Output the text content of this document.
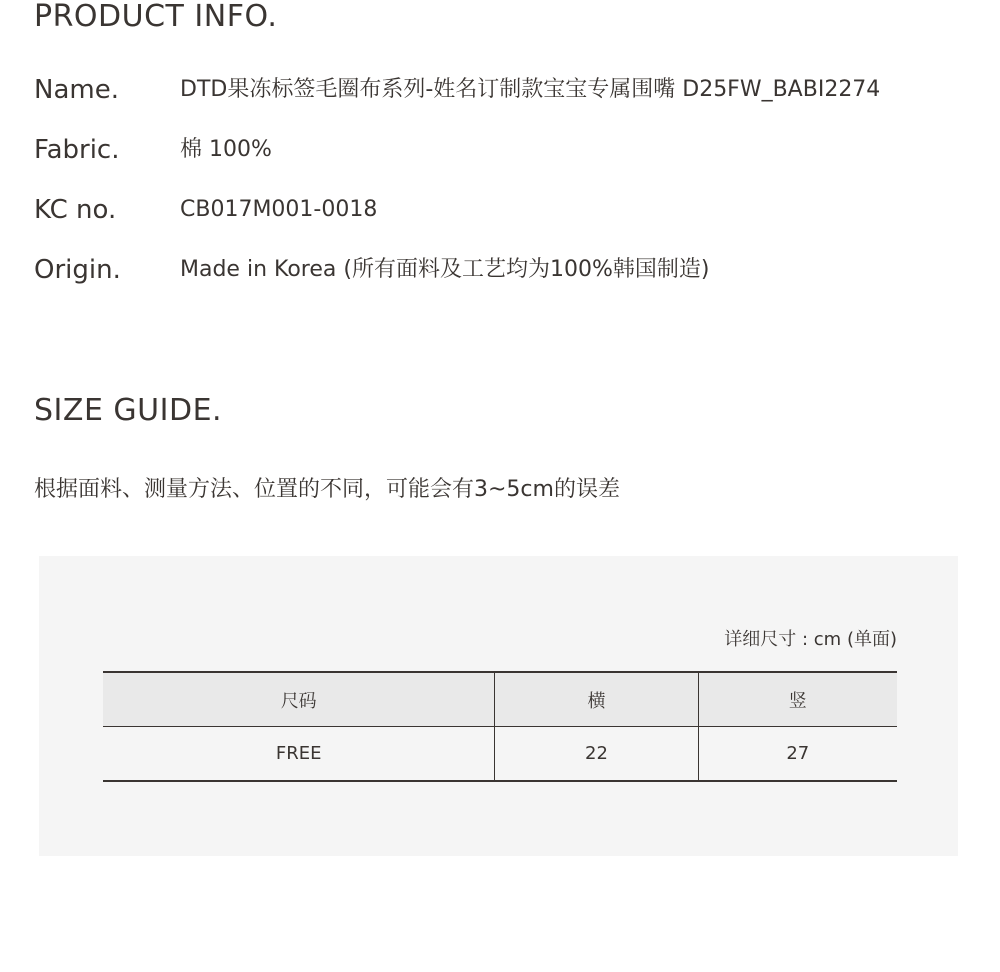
PRODUCT INFO.
Name.	DTD果冻标签毛圈布系列-姓名订制款宝宝专属围嘴 D25FW_BABI2274
Fabric.	棉 100%
KC no.	CB017M001-0018
Origin.	Made in Korea (所有面料及工艺均为100%韩国制造)
SIZE GUIDE.
根据面料、测量方法、位置的不同，可能会有3~5cm的误差
详细尺寸 : cm (单面)
尺码	横	竖
FREE	22	27
